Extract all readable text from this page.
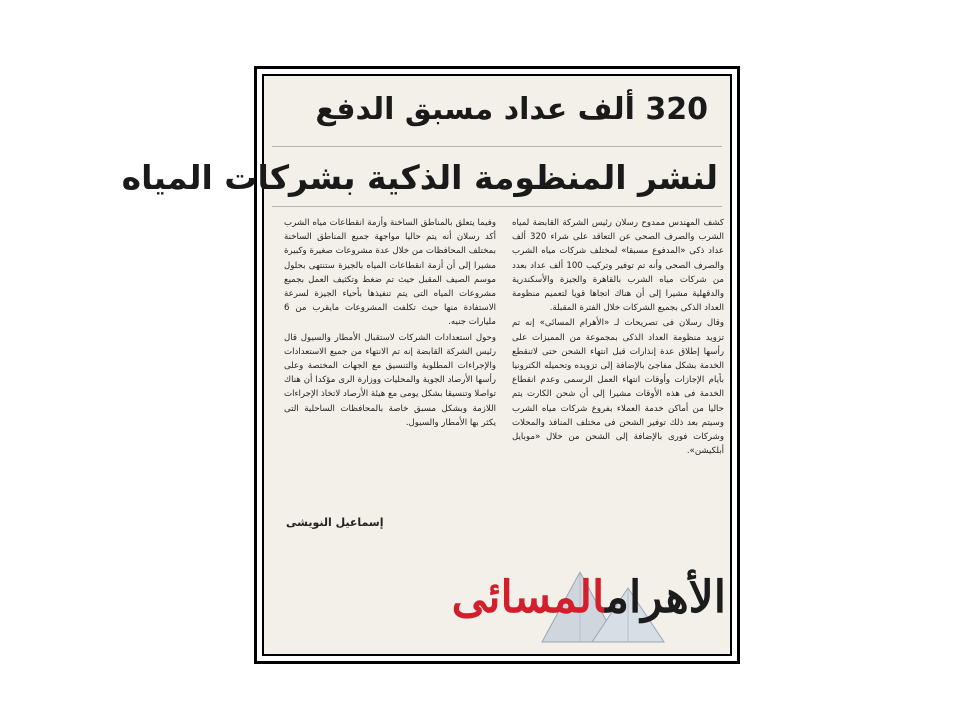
320 ألف عداد مسبق الدفع
لنشر المنظومة الذكية بشركات المياه

كشف المهندس ممدوح رسلان رئيس الشركة القابضة لمياه الشرب والصرف الصحى عن التعاقد على شراء 320 ألف عداد ذكى «المدفوع مسبقا» لمختلف شركات مياه الشرب والصرف الصحى وأنه تم توفير وتركيب 100 ألف عداد بعدد من شركات مياه الشرب بالقاهرة والجيزة والأسكندرية والدقهلية مشيرا إلى أن هناك اتجاها قويا لتعميم منظومة العداد الذكى بجميع الشركات خلال الفترة المقبلة.

وقال رسلان فى تصريحات لـ «الأهرام المسائى» إنه تم تزويد منظومة العداد الذكى بمجموعة من المميزات على رأسها إطلاق عدة إنذارات قبل انتهاء الشحن حتى لاتنقطع الخدمة بشكل مفاجئ بالإضافة إلى تزويده وتحميله الكترونيا بأيام الإجازات وأوقات انتهاء العمل الرسمى وعدم انقطاع الخدمة فى هذه الأوقات مشيرا إلى أن شحن الكارت يتم حاليا من أماكن خدمة العملاء بفروع شركات مياه الشرب وسيتم بعد ذلك توفير الشحن فى مختلف المنافذ والمحلات وشركات فورى بالإضافة إلى الشحن من خلال «موبايل أبلكيشن».

وفيما يتعلق بالمناطق الساخنة وأزمة انقطاعات مياه الشرب أكد رسلان أنه يتم حاليا مواجهة جميع المناطق الساخنة بمختلف المحافظات من خلال عدة مشروعات صغيرة وكبيرة مشيرا إلى أن أزمة انقطاعات المياه بالجيزة ستنتهى بحلول موسم الصيف المقبل حيث تم ضغط وتكثيف العمل بجميع مشروعات المياه التى يتم تنفيذها بأحياء الجيزة لسرعة الاستفادة منها حيث تكلفت المشروعات مايقرب من 6 مليارات جنيه.

وحول استعدادات الشركات لاستقبال الأمطار والسيول قال رئيس الشركة القابضة إنه تم الانتهاء من جميع الاستعدادات والإجراءات المطلوبة والتنسيق مع الجهات المختصة وعلى رأسها الأرصاد الجوية والمحليات ووزارة الرى مؤكدا أن هناك تواصلا وتنسيقا بشكل يومى مع هيئة الأرصاد لاتخاذ الإجراءات اللازمة وبشكل مسبق خاصة بالمحافظات الساحلية التى يكثر بها الأمطار والسيول.

إسماعيل النويشى
الأهرامالمسائى
